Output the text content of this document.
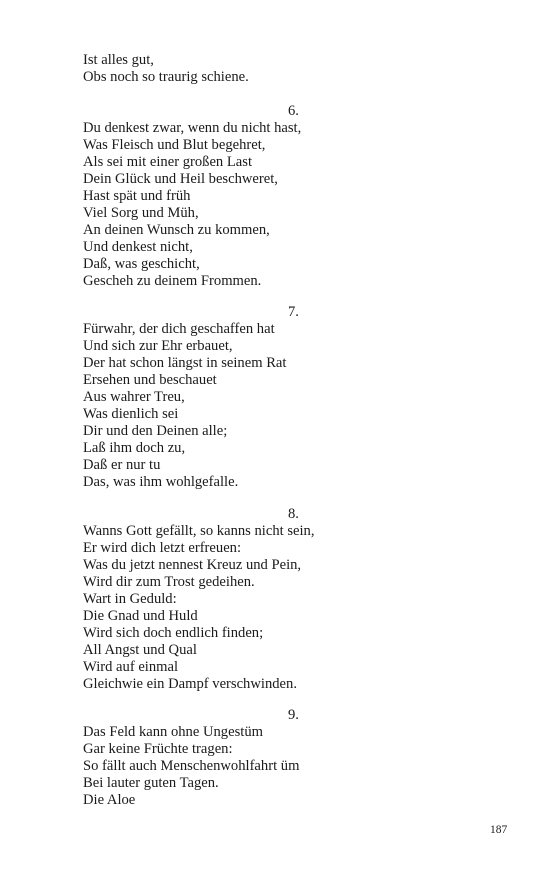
Ist alles gut,
Obs noch so traurig schiene.
6.
Du denkest zwar, wenn du nicht hast,
Was Fleisch und Blut begehret,
Als sei mit einer großen Last
Dein Glück und Heil beschweret,
Hast spät und früh
Viel Sorg und Müh,
An deinen Wunsch zu kommen,
Und denkest nicht,
Daß, was geschicht,
Gescheh zu deinem Frommen.
7.
Fürwahr, der dich geschaffen hat
Und sich zur Ehr erbauet,
Der hat schon längst in seinem Rat
Ersehen und beschauet
Aus wahrer Treu,
Was dienlich sei
Dir und den Deinen alle;
Laß ihm doch zu,
Daß er nur tu
Das, was ihm wohlgefalle.
8.
Wanns Gott gefällt, so kanns nicht sein,
Er wird dich letzt erfreuen:
Was du jetzt nennest Kreuz und Pein,
Wird dir zum Trost gedeihen.
Wart in Geduld:
Die Gnad und Huld
Wird sich doch endlich finden;
All Angst und Qual
Wird auf einmal
Gleichwie ein Dampf verschwinden.
9.
Das Feld kann ohne Ungestüm
Gar keine Früchte tragen:
So fällt auch Menschenwohlfahrt üm
Bei lauter guten Tagen.
Die Aloe
187
